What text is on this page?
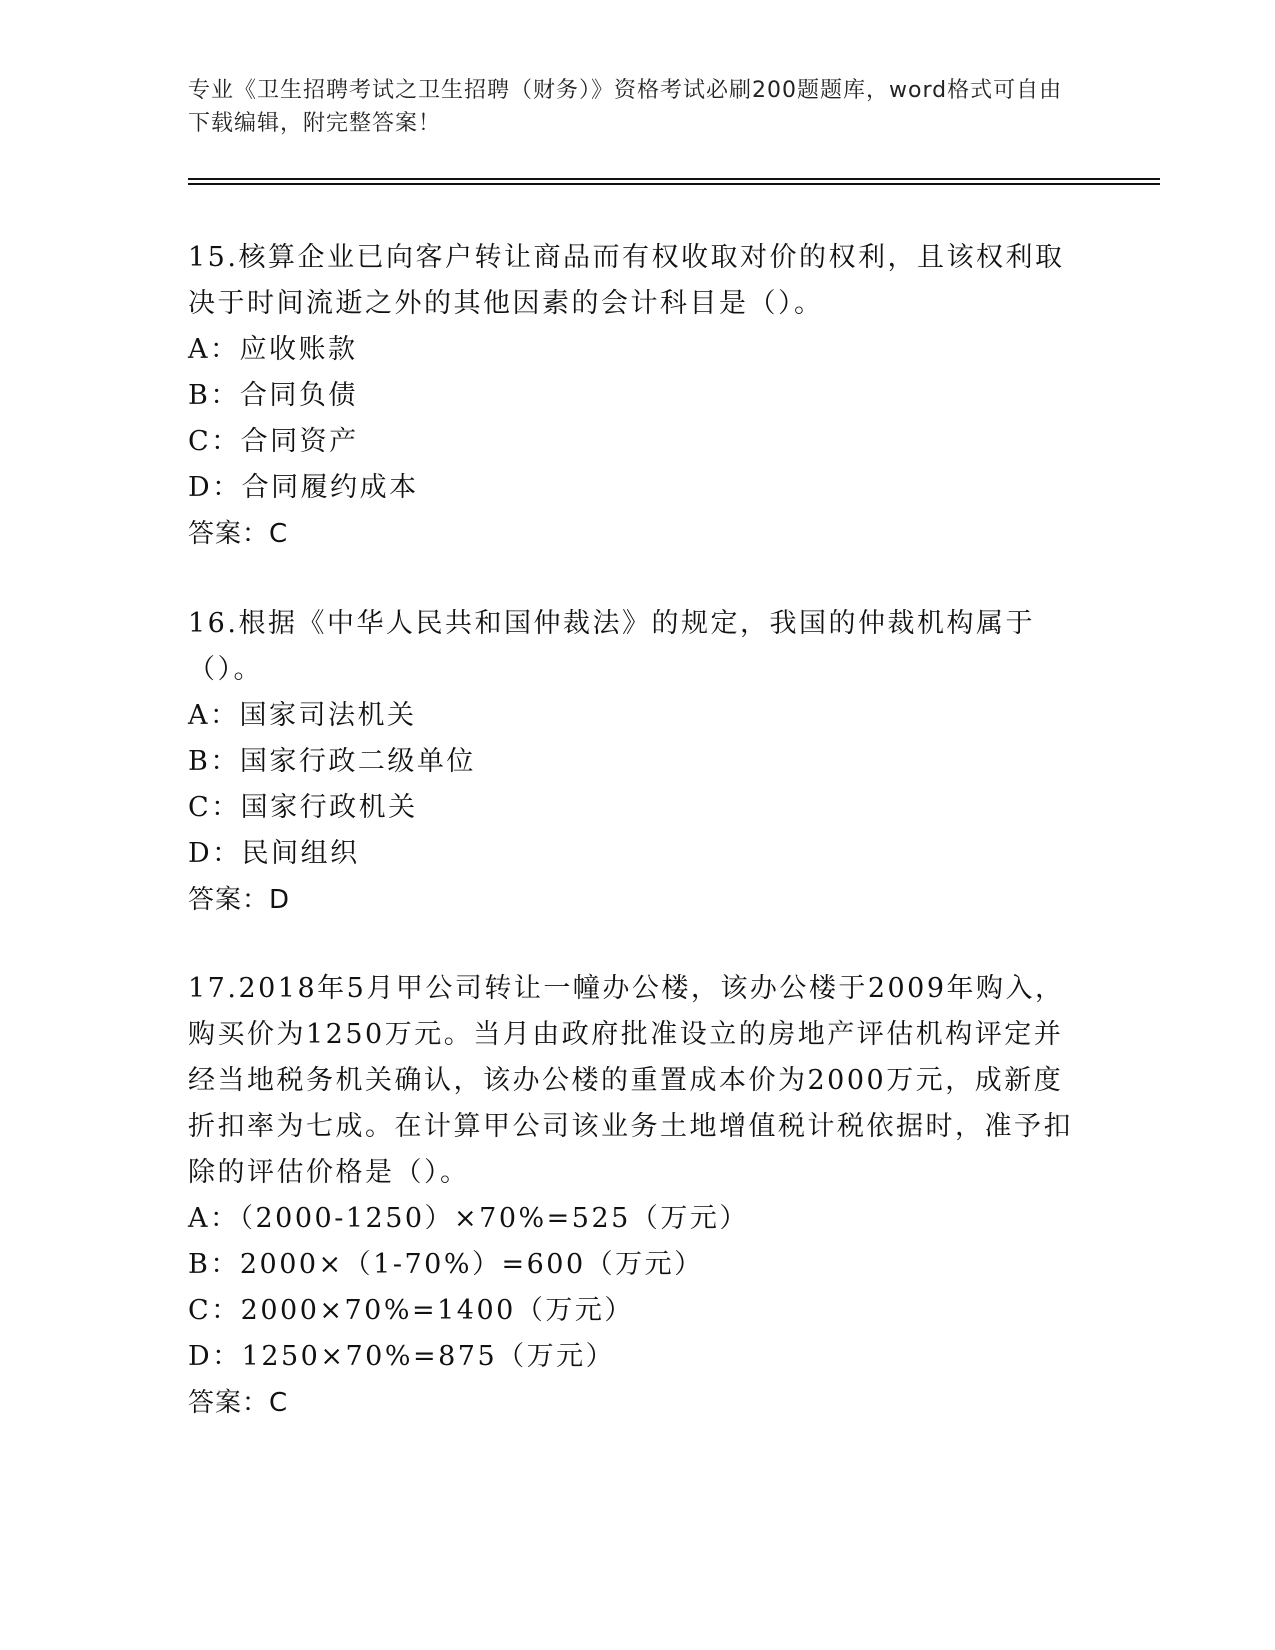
专业《卫生招聘考试之卫生招聘（财务）》资格考试必刷200题题库，word格式可自由下载编辑，附完整答案！

15.核算企业已向客户转让商品而有权收取对价的权利，且该权利取决于时间流逝之外的其他因素的会计科目是（）。

A：应收账款

B：合同负债

C：合同资产

D：合同履约成本

答案：C

16.根据《中华人民共和国仲裁法》的规定，我国的仲裁机构属于（）。

A：国家司法机关

B：国家行政二级单位

C：国家行政机关

D：民间组织

答案：D

17.2018年5月甲公司转让一幢办公楼，该办公楼于2009年购入，购买价为1250万元。当月由政府批准设立的房地产评估机构评定并经当地税务机关确认，该办公楼的重置成本价为2000万元，成新度折扣率为七成。在计算甲公司该业务土地增值税计税依据时，准予扣除的评估价格是（）。

A：（2000-1250）×70%=525（万元）

B：2000×（1-70%）=600（万元）

C：2000×70%=1400（万元）

D：1250×70%=875（万元）

答案：C
